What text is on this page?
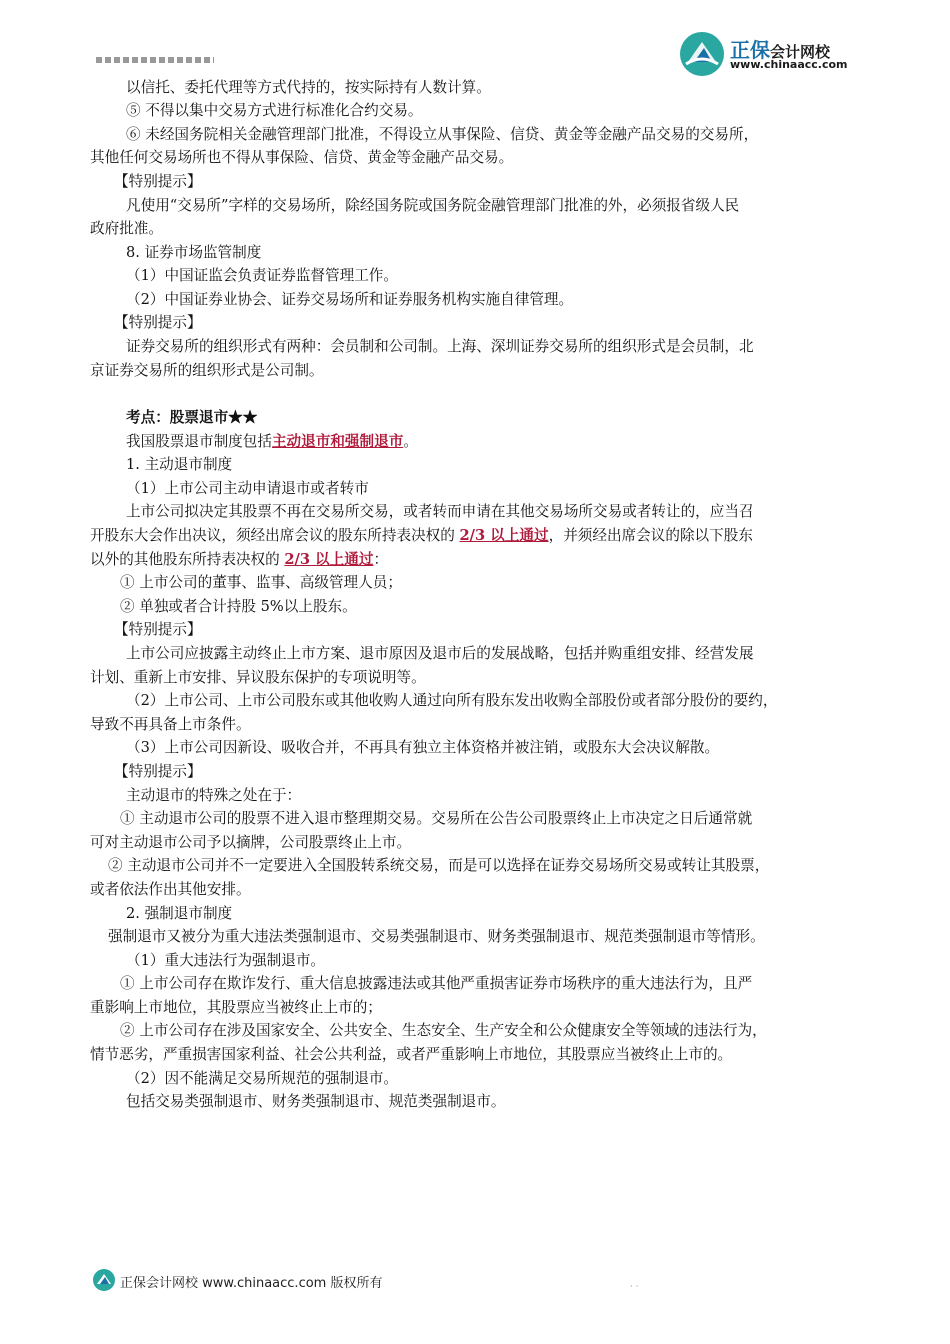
正保会计网校
www.chinaacc.com
以信托、委托代理等方式代持的，按实际持有人数计算。
⑤ 不得以集中交易方式进行标准化合约交易。
⑥ 未经国务院相关金融管理部门批准，不得设立从事保险、信贷、黄金等金融产品交易的交易所，
其他任何交易场所也不得从事保险、信贷、黄金等金融产品交易。
【特别提示】
凡使用“交易所”字样的交易场所，除经国务院或国务院金融管理部门批准的外，必须报省级人民
政府批准。
8. 证券市场监管制度
（1）中国证监会负责证券监督管理工作。
（2）中国证券业协会、证券交易场所和证券服务机构实施自律管理。
【特别提示】
证券交易所的组织形式有两种：会员制和公司制。上海、深圳证券交易所的组织形式是会员制，北
京证券交易所的组织形式是公司制。
考点：股票退市★★
我国股票退市制度包括主动退市和强制退市。
1. 主动退市制度
（1）上市公司主动申请退市或者转市
上市公司拟决定其股票不再在交易所交易，或者转而申请在其他交易场所交易或者转让的，应当召
开股东大会作出决议，须经出席会议的股东所持表决权的 2/3 以上通过，并须经出席会议的除以下股东
以外的其他股东所持表决权的 2/3 以上通过：
① 上市公司的董事、监事、高级管理人员；
② 单独或者合计持股 5%以上股东。
【特别提示】
上市公司应披露主动终止上市方案、退市原因及退市后的发展战略，包括并购重组安排、经营发展
计划、重新上市安排、异议股东保护的专项说明等。
（2）上市公司、上市公司股东或其他收购人通过向所有股东发出收购全部股份或者部分股份的要约，
导致不再具备上市条件。
（3）上市公司因新设、吸收合并，不再具有独立主体资格并被注销，或股东大会决议解散。
【特别提示】
主动退市的特殊之处在于：
① 主动退市公司的股票不进入退市整理期交易。交易所在公告公司股票终止上市决定之日后通常就
可对主动退市公司予以摘牌，公司股票终止上市。
② 主动退市公司并不一定要进入全国股转系统交易，而是可以选择在证券交易场所交易或转让其股票，
或者依法作出其他安排。
2. 强制退市制度
强制退市又被分为重大违法类强制退市、交易类强制退市、财务类强制退市、规范类强制退市等情形。
（1）重大违法行为强制退市。
① 上市公司存在欺诈发行、重大信息披露违法或其他严重损害证券市场秩序的重大违法行为，且严
重影响上市地位，其股票应当被终止上市的；
② 上市公司存在涉及国家安全、公共安全、生态安全、生产安全和公众健康安全等领域的违法行为，
情节恶劣，严重损害国家利益、社会公共利益，或者严重影响上市地位，其股票应当被终止上市的。
（2）因不能满足交易所规范的强制退市。
包括交易类强制退市、财务类强制退市、规范类强制退市。
正保会计网校 www.chinaacc.com 版权所有	· ·
